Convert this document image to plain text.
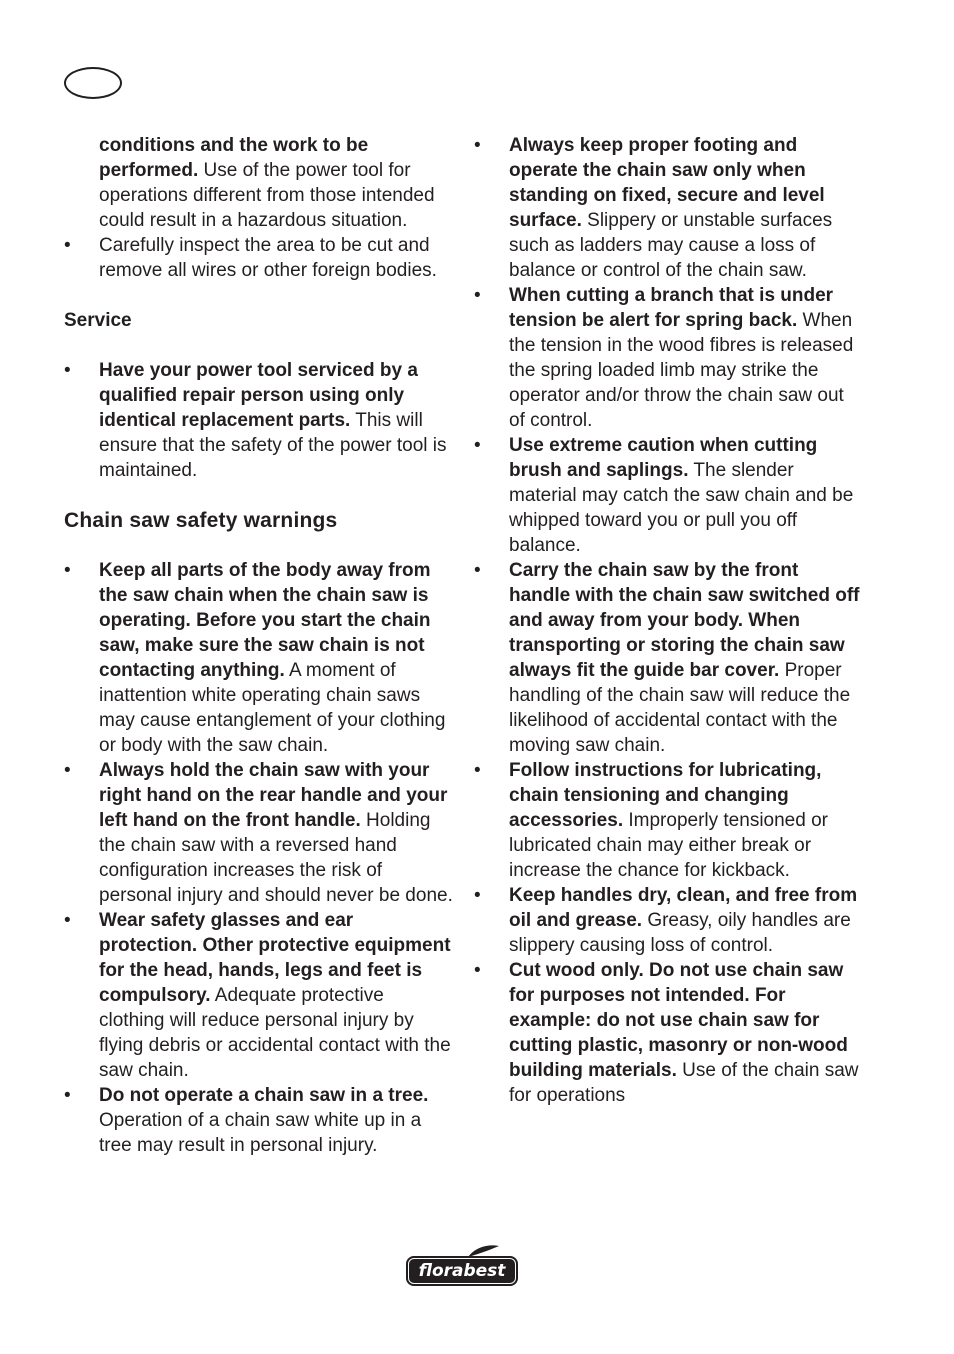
conditions and the work to be performed. Use of the power tool for operations different from those intended could result in a hazardous situation.
• Carefully inspect the area to be cut and remove all wires or other foreign bodies.
Service
• Have your power tool serviced by a qualified repair person using only identical replacement parts. This will ensure that the safety of the power tool is maintained.
Chain saw safety warnings
• Keep all parts of the body away from the saw chain when the chain saw is operating. Before you start the chain saw, make sure the saw chain is not contacting anything. A moment of inattention white operating chain saws may cause entanglement of your clothing or body with the saw chain.
• Always hold the chain saw with your right hand on the rear handle and your left hand on the front handle. Holding the chain saw with a reversed hand configuration increases the risk of personal injury and should never be done.
• Wear safety glasses and ear protection. Other protective equipment for the head, hands, legs and feet is compulsory. Adequate protective clothing will reduce personal injury by flying debris or accidental contact with the saw chain.
• Do not operate a chain saw in a tree. Operation of a chain saw white up in a tree may result in personal injury.
• Always keep proper footing and operate the chain saw only when standing on fixed, secure and level surface. Slippery or unstable surfaces such as ladders may cause a loss of balance or control of the chain saw.
• When cutting a branch that is under tension be alert for spring back. When the tension in the wood fibres is released the spring loaded limb may strike the operator and/or throw the chain saw out of control.
• Use extreme caution when cutting brush and saplings. The slender material may catch the saw chain and be whipped toward you or pull you off balance.
• Carry the chain saw by the front handle with the chain saw switched off and away from your body. When transporting or storing the chain saw always fit the guide bar cover. Proper handling of the chain saw will reduce the likelihood of accidental contact with the moving saw chain.
• Follow instructions for lubricating, chain tensioning and changing accessories. Improperly tensioned or lubricated chain may either break or increase the chance for kickback.
• Keep handles dry, clean, and free from oil and grease. Greasy, oily handles are slippery causing loss of control.
• Cut wood only. Do not use chain saw for purposes not intended. For example: do not use chain saw for cutting plastic, masonry or non-wood building materials. Use of the chain saw for operations
florabest
